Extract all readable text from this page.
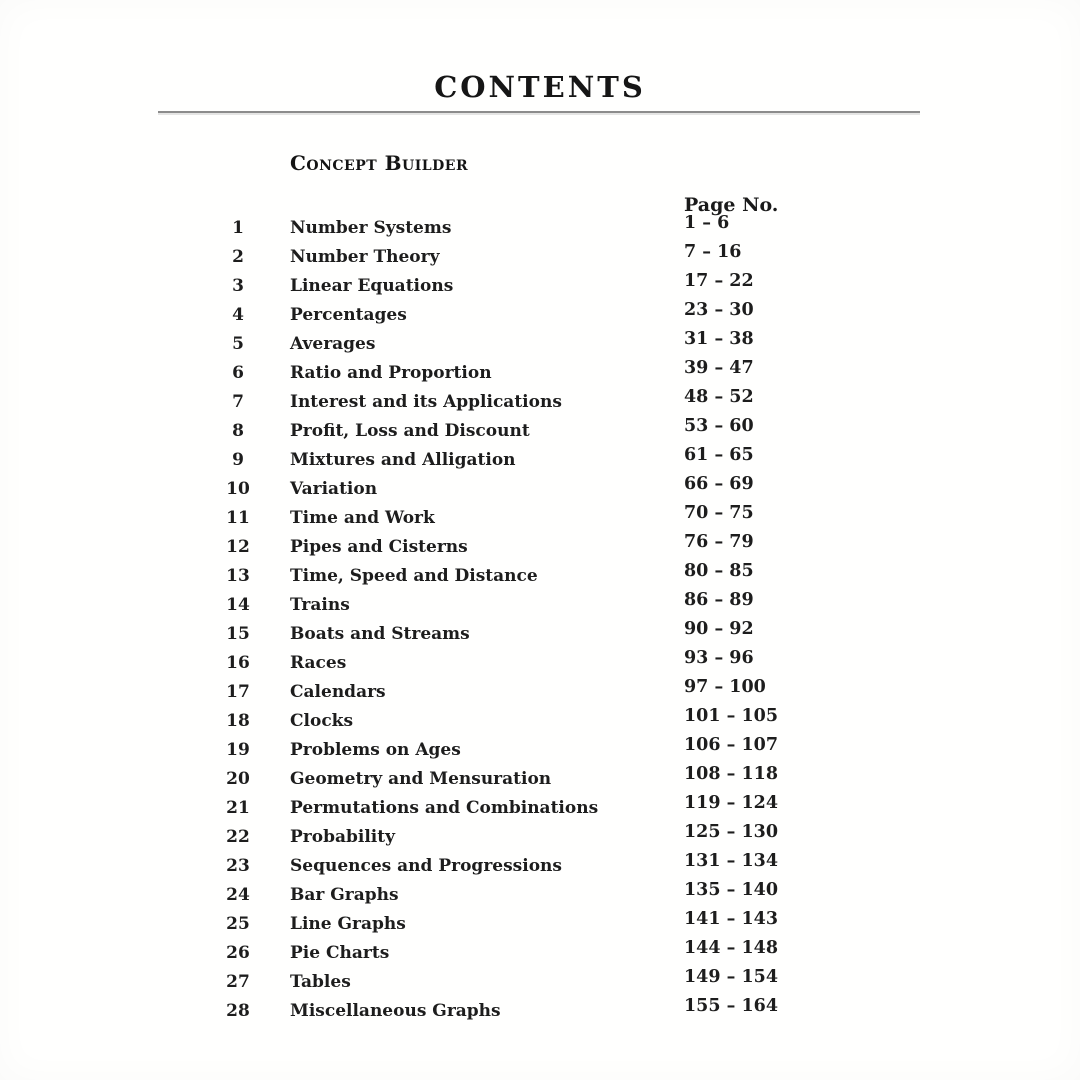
CONTENTS
Concept Builder
Page No.
1	Number Systems	1 – 6
2	Number Theory	7 – 16
3	Linear Equations	17 – 22
4	Percentages	23 – 30
5	Averages	31 – 38
6	Ratio and Proportion	39 – 47
7	Interest and its Applications	48 – 52
8	Profit, Loss and Discount	53 – 60
9	Mixtures and Alligation	61 – 65
10	Variation	66 – 69
11	Time and Work	70 – 75
12	Pipes and Cisterns	76 – 79
13	Time, Speed and Distance	80 – 85
14	Trains	86 – 89
15	Boats and Streams	90 – 92
16	Races	93 – 96
17	Calendars	97 – 100
18	Clocks	101 – 105
19	Problems on Ages	106 – 107
20	Geometry and Mensuration	108 – 118
21	Permutations and Combinations	119 – 124
22	Probability	125 – 130
23	Sequences and Progressions	131 – 134
24	Bar Graphs	135 – 140
25	Line Graphs	141 – 143
26	Pie Charts	144 – 148
27	Tables	149 – 154
28	Miscellaneous Graphs	155 – 164
